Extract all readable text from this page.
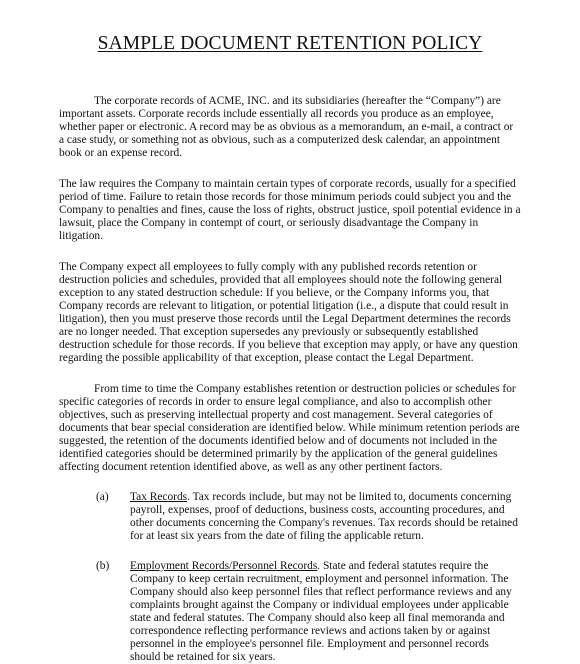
SAMPLE DOCUMENT RETENTION POLICY

The corporate records of ACME, INC. and its subsidiaries (hereafter the “Company”) are important assets. Corporate records include essentially all records you produce as an employee, whether paper or electronic. A record may be as obvious as a memorandum, an e-mail, a contract or a case study, or something not as obvious, such as a computerized desk calendar, an appointment book or an expense record.

The law requires the Company to maintain certain types of corporate records, usually for a specified period of time. Failure to retain those records for those minimum periods could subject you and the Company to penalties and fines, cause the loss of rights, obstruct justice, spoil potential evidence in a lawsuit, place the Company in contempt of court, or seriously disadvantage the Company in litigation.

The Company expect all employees to fully comply with any published records retention or destruction policies and schedules, provided that all employees should note the following general exception to any stated destruction schedule: If you believe, or the Company informs you, that Company records are relevant to litigation, or potential litigation (i.e., a dispute that could result in litigation), then you must preserve those records until the Legal Department determines the records are no longer needed. That exception supersedes any previously or subsequently established destruction schedule for those records. If you believe that exception may apply, or have any question regarding the possible applicability of that exception, please contact the Legal Department.

From time to time the Company establishes retention or destruction policies or schedules for specific categories of records in order to ensure legal compliance, and also to accomplish other objectives, such as preserving intellectual property and cost management. Several categories of documents that bear special consideration are identified below. While minimum retention periods are suggested, the retention of the documents identified below and of documents not included in the identified categories should be determined primarily by the application of the general guidelines affecting document retention identified above, as well as any other pertinent factors.

(a)	Tax Records. Tax records include, but may not be limited to, documents concerning payroll, expenses, proof of deductions, business costs, accounting procedures, and other documents concerning the Company's revenues. Tax records should be retained for at least six years from the date of filing the applicable return.
(b)	Employment Records/Personnel Records. State and federal statutes require the Company to keep certain recruitment, employment and personnel information. The Company should also keep personnel files that reflect performance reviews and any complaints brought against the Company or individual employees under applicable state and federal statutes. The Company should also keep all final memoranda and correspondence reflecting performance reviews and actions taken by or against personnel in the employee's personnel file. Employment and personnel records should be retained for six years.
